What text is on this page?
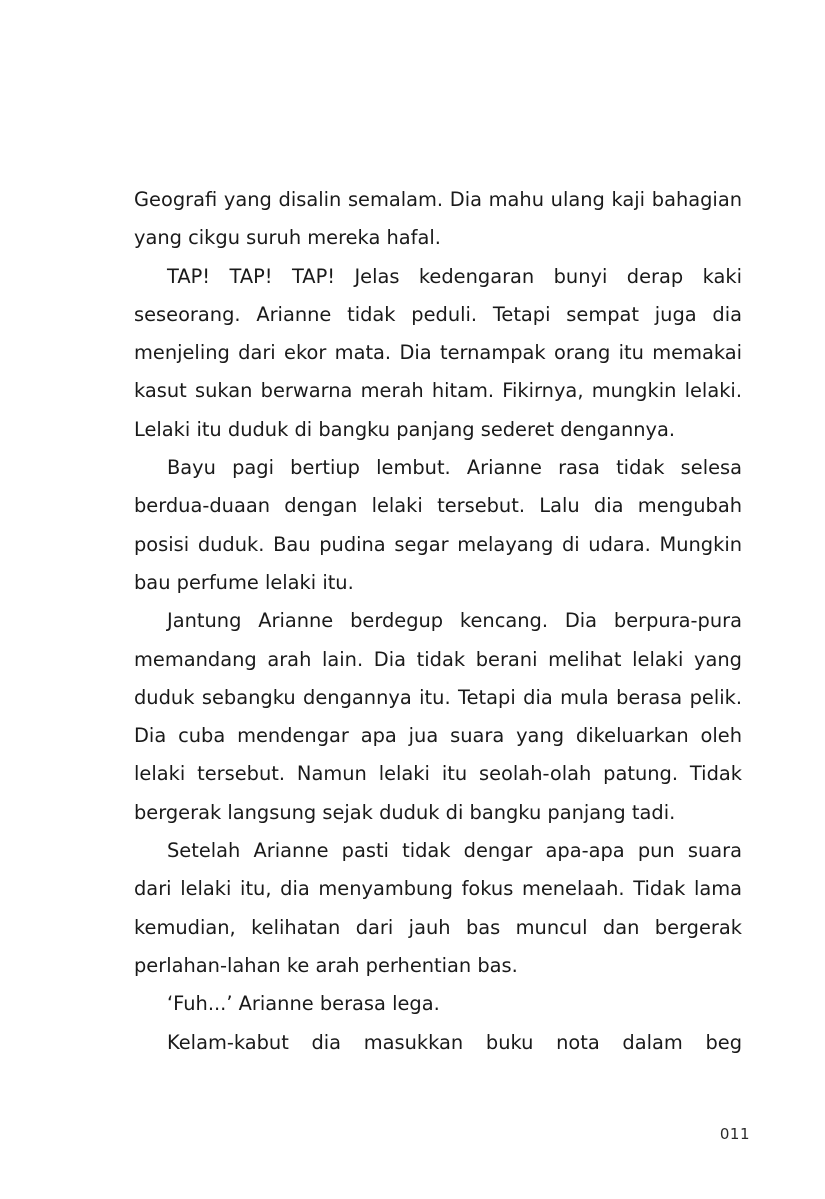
Geografi yang disalin semalam. Dia mahu ulang kaji bahagian
yang cikgu suruh mereka hafal.
TAP! TAP! TAP! Jelas kedengaran bunyi derap kaki
seseorang. Arianne tidak peduli. Tetapi sempat juga dia
menjeling dari ekor mata. Dia ternampak orang itu memakai
kasut sukan berwarna merah hitam. Fikirnya, mungkin lelaki.
Lelaki itu duduk di bangku panjang sederet dengannya.
Bayu pagi bertiup lembut. Arianne rasa tidak selesa
berdua-duaan dengan lelaki tersebut. Lalu dia mengubah
posisi duduk. Bau pudina segar melayang di udara. Mungkin
bau perfume lelaki itu.
Jantung Arianne berdegup kencang. Dia berpura-pura
memandang arah lain. Dia tidak berani melihat lelaki yang
duduk sebangku dengannya itu. Tetapi dia mula berasa pelik.
Dia cuba mendengar apa jua suara yang dikeluarkan oleh
lelaki tersebut. Namun lelaki itu seolah-olah patung. Tidak
bergerak langsung sejak duduk di bangku panjang tadi.
Setelah Arianne pasti tidak dengar apa-apa pun suara
dari lelaki itu, dia menyambung fokus menelaah. Tidak lama
kemudian, kelihatan dari jauh bas muncul dan bergerak
perlahan-lahan ke arah perhentian bas.
‘Fuh...’ Arianne berasa lega.
Kelam-kabut dia masukkan buku nota dalam beg
011
